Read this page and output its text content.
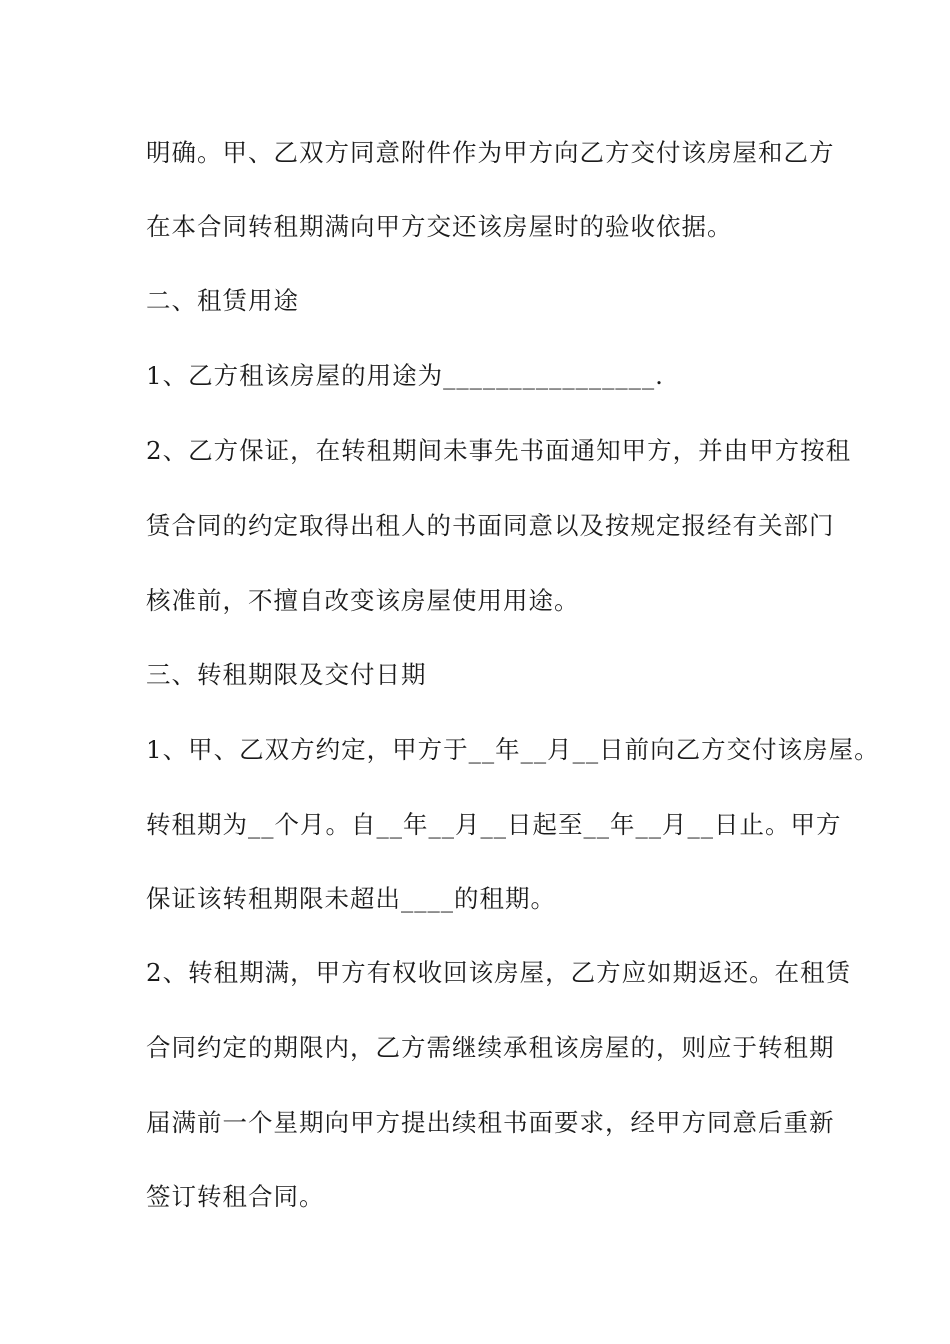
明确。甲、乙双方同意附件作为甲方向乙方交付该房屋和乙方
在本合同转租期满向甲方交还该房屋时的验收依据。
二、租赁用途
1、乙方租该房屋的用途为________________.
2、乙方保证，在转租期间未事先书面通知甲方，并由甲方按租
赁合同的约定取得出租人的书面同意以及按规定报经有关部门
核准前，不擅自改变该房屋使用用途。
三、转租期限及交付日期
1、甲、乙双方约定，甲方于__年__月__日前向乙方交付该房屋。
转租期为__个月。自__年__月__日起至__年__月__日止。甲方
保证该转租期限未超出____的租期。
2、转租期满，甲方有权收回该房屋，乙方应如期返还。在租赁
合同约定的期限内，乙方需继续承租该房屋的，则应于转租期
届满前一个星期向甲方提出续租书面要求，经甲方同意后重新
签订转租合同。
